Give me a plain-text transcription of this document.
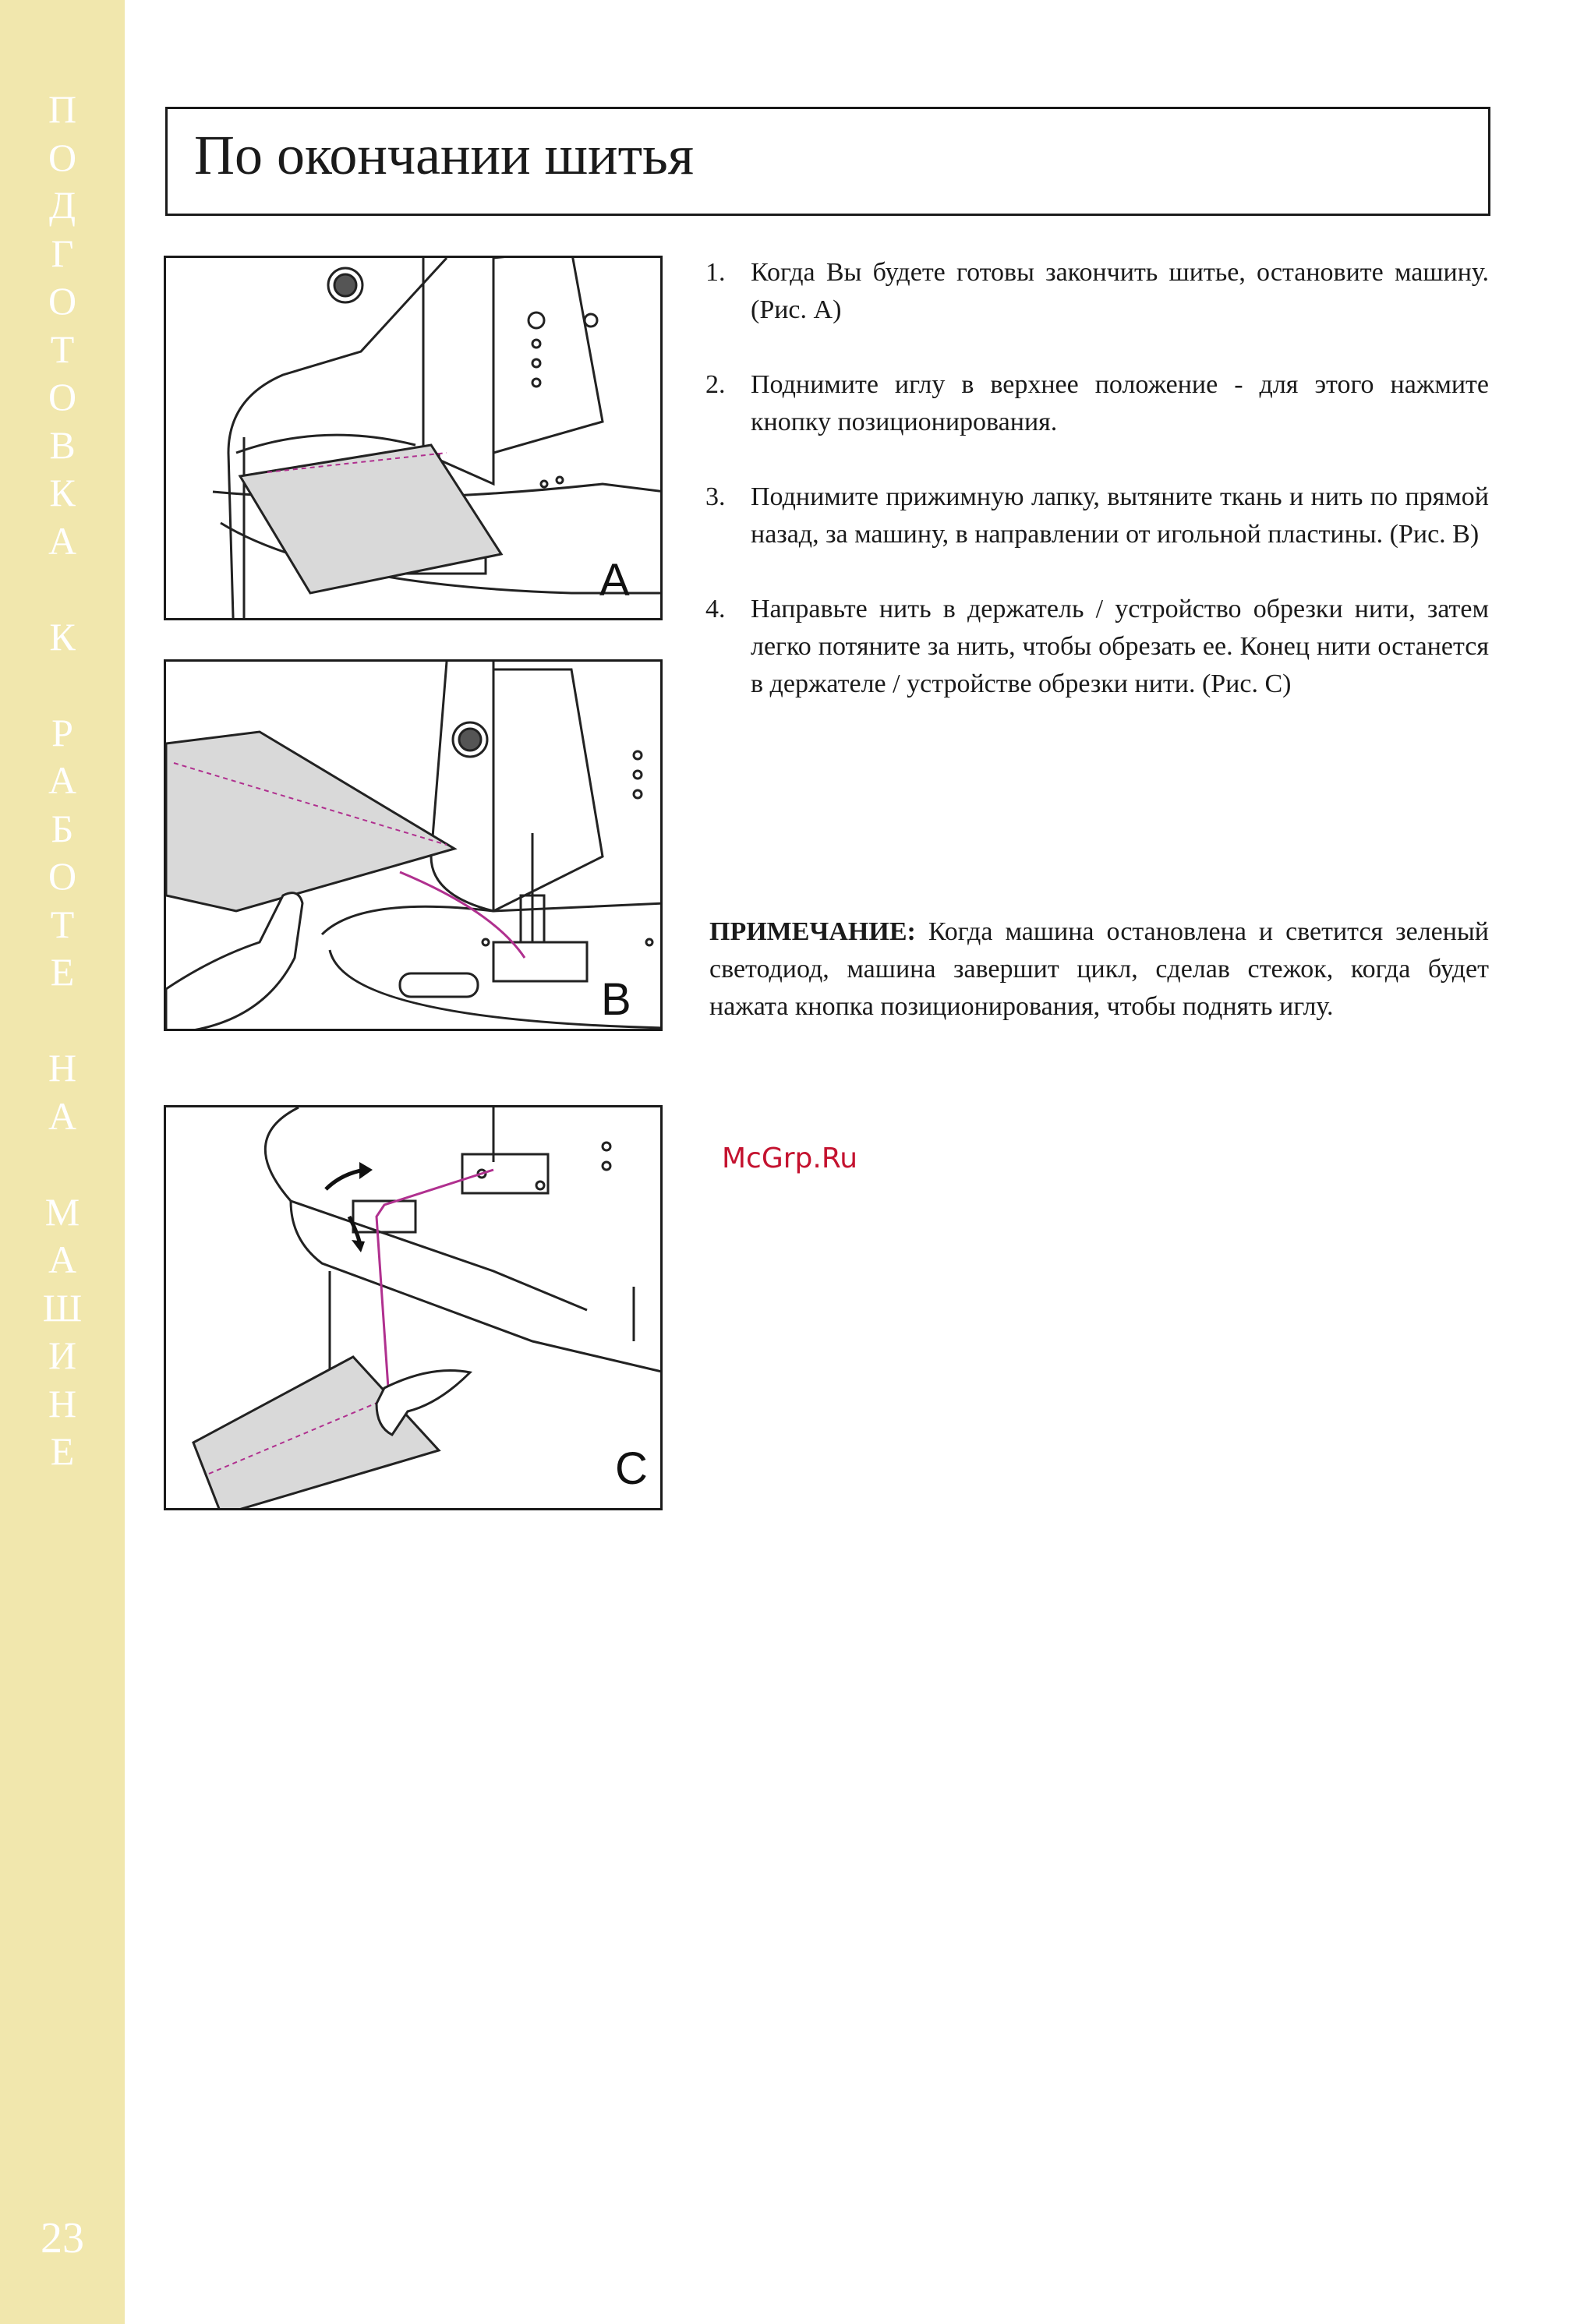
П
О
Д
Г
О
Т
О
В
К
А
К
Р
А
Б
О
Т
Е
Н
А
М
А
Ш
И
Н
Е
23
По окончании шитья
A
B
C

1. Когда Вы будете готовы закончить шитье, остановите машину. (Рис. А)

2. Поднимите иглу в верхнее положение - для этого нажмите кнопку позиционирования.

3. Поднимите прижимную лапку, вытяните ткань и нить по прямой назад, за машину, в направлении от игольной пластины. (Рис. В)

4. Направьте нить в держатель / устройство обрезки нити, затем легко потяните за нить, чтобы обрезать ее. Конец нити останется в держателе / устройстве обрезки нити. (Рис. С)

ПРИМЕЧАНИЕ: Когда машина остановлена и светится зеленый светодиод, машина завершит цикл, сделав стежок, когда будет нажата кнопка позиционирования, чтобы поднять иглу.

McGrp.Ru
